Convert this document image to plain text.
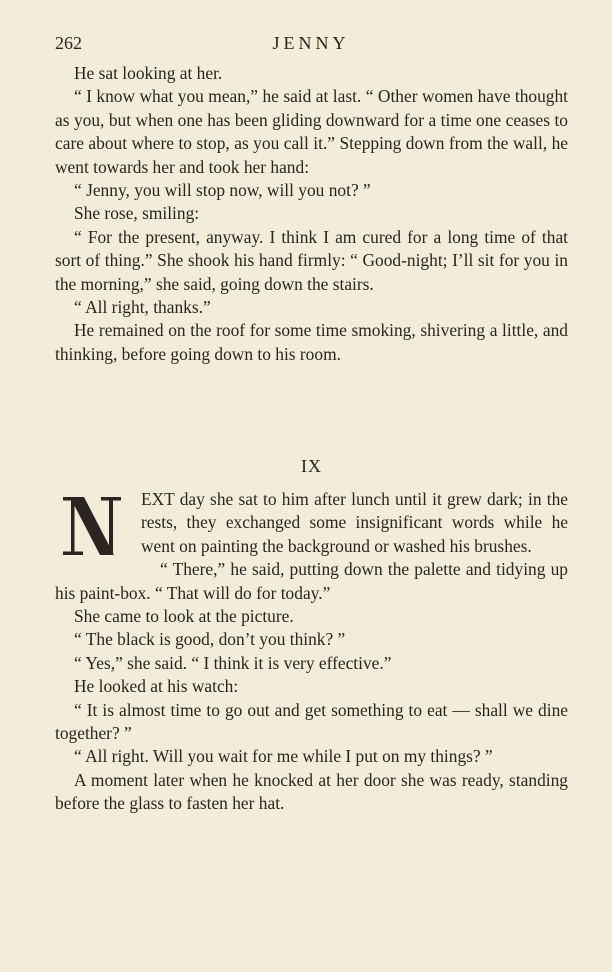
262	JENNY

He sat looking at her.

“ I know what you mean,” he said at last. “ Other women have thought as you, but when one has been gliding downward for a time one ceases to care about where to stop, as you call it.” Stepping down from the wall, he went towards her and took her hand:

“ Jenny, you will stop now, will you not? ”

She rose, smiling:

“ For the present, anyway. I think I am cured for a long time of that sort of thing.” She shook his hand firmly: “ Good-night; I’ll sit for you in the morning,” she said, going down the stairs.

“ All right, thanks.”

He remained on the roof for some time smoking, shivering a little, and thinking, before going down to his room.

IX

EXT day she sat to him after lunch until it grew dark; in the rests, they exchanged some insignificant words while he went on painting the background or washed his brushes.

“ There,” he said, putting down the palette and tidying up his paint-box. “ That will do for today.”

She came to look at the picture.

“ The black is good, don’t you think? ”

“ Yes,” she said. “ I think it is very effective.”

He looked at his watch:

“ It is almost time to go out and get something to eat — shall we dine together? ”

“ All right. Will you wait for me while I put on my things? ”

A moment later when he knocked at her door she was ready, standing before the glass to fasten her hat.
